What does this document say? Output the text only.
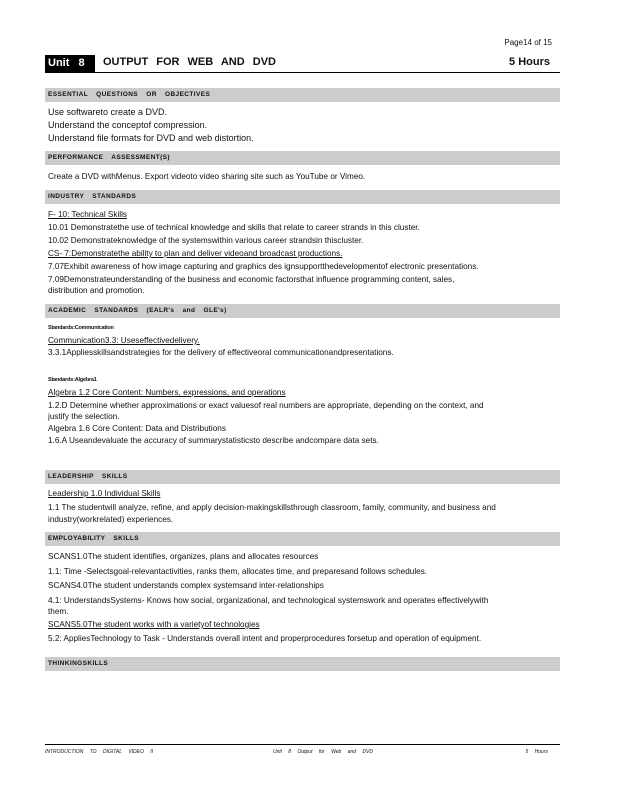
Page14 of 15
Unit 8	OUTPUT FOR WEB AND DVD	5 Hours
ESSENTIAL QUESTIONS OR OBJECTIVES
Use softwareto create a DVD.
Understand the conceptof compression.
Understand file formats for DVD and web distortion.
PERFORMANCE ASSESSMENT(S)
Create a DVD withMenus. Export videoto video sharing site such as YouTube or Vimeo.
INDUSTRY STANDARDS
F- 10: Technical Skills
10.01 Demonstratethe use of technical knowledge and skills that relate to career strands in this cluster.
10.02 Demonstrateknowledge of the systemswithin various career strandsin thiscluster.
CS- 7:Demonstratethe ability to plan and deliver videoand broadcast productions.
7.07Exhibit awareness of how image capturing and graphics des ignsupportthedevelopmentof electronic presentations.
7.09Demonstrateunderstanding of the business and economic factorsthat influence programming content, sales,
distribution and promotion.
ACADEMIC STANDARDS (EALR's and GLE's)
Standards:Communication
Communication3.3: Useseffectivedelivery.
3.3.1Appliesskillsandstrategies for the delivery of effectiveoral communicationandpresentations.
Standards:Algebra1
Algebra 1.2 Core Content: Numbers, expressions, and operations
1.2.D Determine whether approximations or exact valuesof real numbers are appropriate, depending on the context, and
justify the selection.
Algebra 1.6 Core Content: Data and Distributions
1.6.A Useandevaluate the accuracy of summarystatisticsto describe andcompare data sets.
LEADERSHIP SKILLS
Leadership 1.0 Individual Skills
1.1 The studentwill analyze, refine, and apply decision-makingskillsthrough classroom, family, community, and business and
industry(workrelated) experiences.
EMPLOYABILITY SKILLS
SCANS1.0The student identifies, organizes, plans and allocates resources
1.1: Time -Selectsgoal-relevantactivities, ranks them, allocates time, and preparesand follows schedules.
SCANS4.0The student understands complex systemsand inter-relationships
4.1: UnderstandsSystems- Knows how social, organizational, and technological systemswork and operates effectivelywith
them.
SCANS5.0The student works with a varietyof technologies
5.2: AppliesTechnology to Task - Understands overall intent and properprocedures forsetup and operation of equipment.
THINKINGSKILLS
INTRODUCTION TO DIGITAL VIDEO II	Unit 8 Output for Web and DVD	5 Hours
